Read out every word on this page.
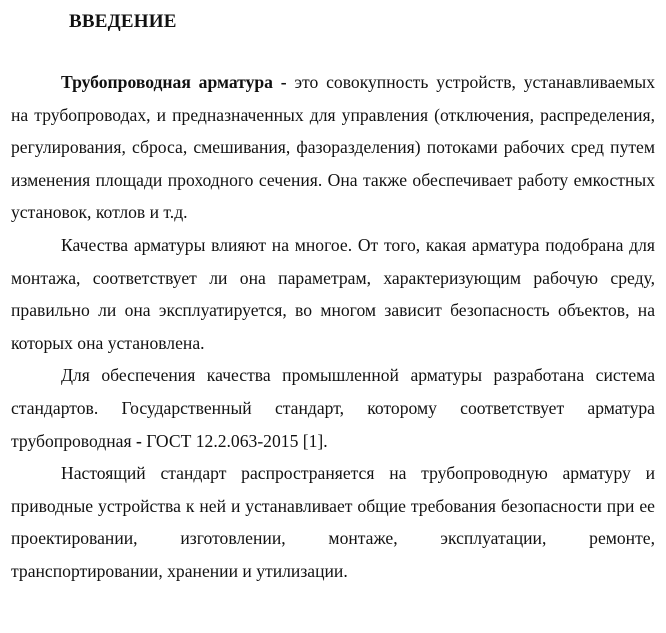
ВВЕДЕНИЕ

Трубопроводная арматура - это совокупность устройств, устанавливаемых на трубопроводах, и предназначенных для управления (отключения, распределения, регулирования, сброса, смешивания, фазоразделения) потоками рабочих сред путем изменения площади проходного сечения. Она также обеспечивает работу емкостных установок, котлов и т.д.

Качества арматуры влияют на многое. От того, какая арматура подобрана для монтажа, соответствует ли она параметрам, характеризующим рабочую среду, правильно ли она эксплуатируется, во многом зависит безопасность объектов, на которых она установлена.

Для обеспечения качества промышленной арматуры разработана система стандартов. Государственный стандарт, которому соответствует арматура трубопроводная - ГОСТ 12.2.063-2015 [1].

Настоящий стандарт распространяется на трубопроводную арматуру и приводные устройства к ней и устанавливает общие требования безопасности при ее проектировании, изготовлении, монтаже, эксплуатации, ремонте, транспортировании, хранении и утилизации.
